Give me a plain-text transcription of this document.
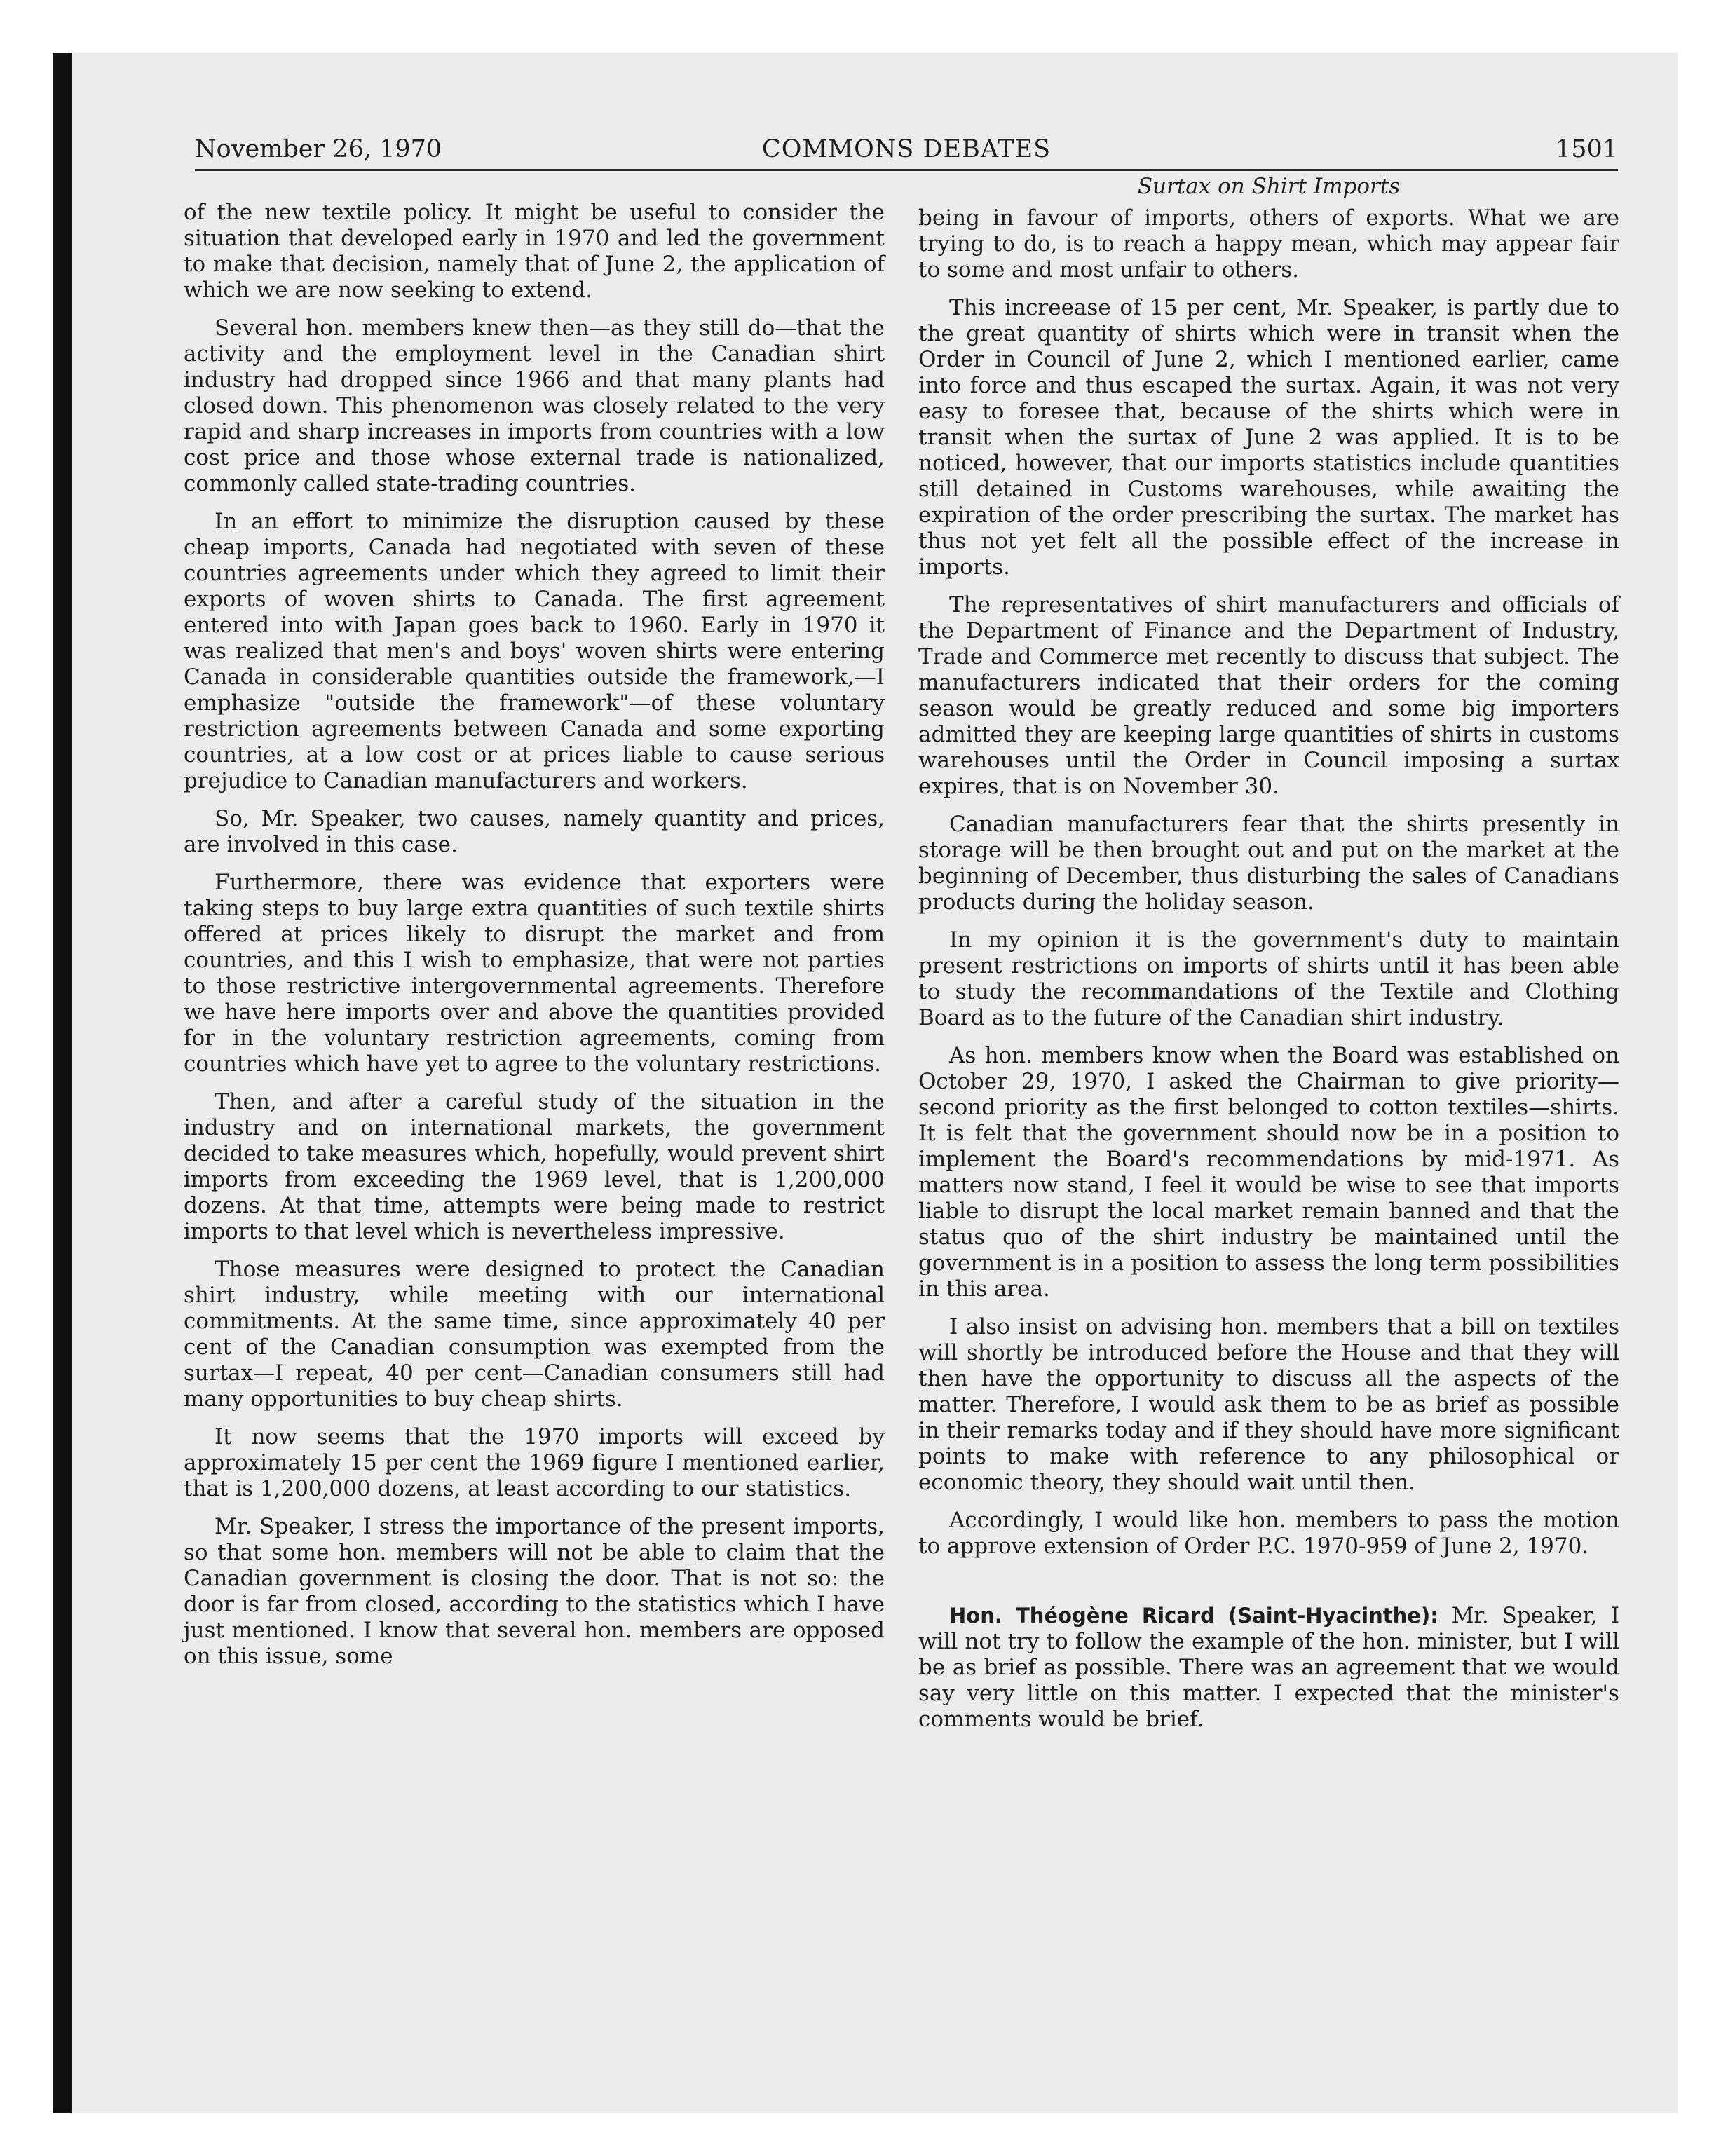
COMMONS DEBATES
November 26, 1970	1501

of the new textile policy. It might be useful to consider the situation that developed early in 1970 and led the government to make that decision, namely that of June 2, the application of which we are now seeking to extend.

Several hon. members knew then—as they still do—that the activity and the employment level in the Canadian shirt industry had dropped since 1966 and that many plants had closed down. This phenomenon was closely related to the very rapid and sharp increases in imports from countries with a low cost price and those whose external trade is nationalized, commonly called state-trading countries.

In an effort to minimize the disruption caused by these cheap imports, Canada had negotiated with seven of these countries agreements under which they agreed to limit their exports of woven shirts to Canada. The first agreement entered into with Japan goes back to 1960. Early in 1970 it was realized that men's and boys' woven shirts were entering Canada in considerable quantities outside the framework,—I emphasize "outside the framework"—of these voluntary restriction agreements between Canada and some exporting countries, at a low cost or at prices liable to cause serious prejudice to Canadian manufacturers and workers.

So, Mr. Speaker, two causes, namely quantity and prices, are involved in this case.

Furthermore, there was evidence that exporters were taking steps to buy large extra quantities of such textile shirts offered at prices likely to disrupt the market and from countries, and this I wish to emphasize, that were not parties to those restrictive intergovernmental agreements. Therefore we have here imports over and above the quantities provided for in the voluntary restriction agreements, coming from countries which have yet to agree to the voluntary restrictions.

Then, and after a careful study of the situation in the industry and on international markets, the government decided to take measures which, hopefully, would prevent shirt imports from exceeding the 1969 level, that is 1,200,000 dozens. At that time, attempts were being made to restrict imports to that level which is nevertheless impressive.

Those measures were designed to protect the Canadian shirt industry, while meeting with our international commitments. At the same time, since approximately 40 per cent of the Canadian consumption was exempted from the surtax—I repeat, 40 per cent—Canadian consumers still had many opportunities to buy cheap shirts.

It now seems that the 1970 imports will exceed by approximately 15 per cent the 1969 figure I mentioned earlier, that is 1,200,000 dozens, at least according to our statistics.

Mr. Speaker, I stress the importance of the present imports, so that some hon. members will not be able to claim that the Canadian government is closing the door. That is not so: the door is far from closed, according to the statistics which I have just mentioned. I know that several hon. members are opposed on this issue, some

Surtax on Shirt Imports

being in favour of imports, others of exports. What we are trying to do, is to reach a happy mean, which may appear fair to some and most unfair to others.

This increease of 15 per cent, Mr. Speaker, is partly due to the great quantity of shirts which were in transit when the Order in Council of June 2, which I mentioned earlier, came into force and thus escaped the surtax. Again, it was not very easy to foresee that, because of the shirts which were in transit when the surtax of June 2 was applied. It is to be noticed, however, that our imports statistics include quantities still detained in Customs warehouses, while awaiting the expiration of the order prescribing the surtax. The market has thus not yet felt all the possible effect of the increase in imports.

The representatives of shirt manufacturers and officials of the Department of Finance and the Department of Industry, Trade and Commerce met recently to discuss that subject. The manufacturers indicated that their orders for the coming season would be greatly reduced and some big importers admitted they are keeping large quantities of shirts in customs warehouses until the Order in Council imposing a surtax expires, that is on November 30.

Canadian manufacturers fear that the shirts presently in storage will be then brought out and put on the market at the beginning of December, thus disturbing the sales of Canadians products during the holiday season.

In my opinion it is the government's duty to maintain present restrictions on imports of shirts until it has been able to study the recommandations of the Textile and Clothing Board as to the future of the Canadian shirt industry.

As hon. members know when the Board was established on October 29, 1970, I asked the Chairman to give priority—second priority as the first belonged to cotton textiles—shirts. It is felt that the government should now be in a position to implement the Board's recommendations by mid-1971. As matters now stand, I feel it would be wise to see that imports liable to disrupt the local market remain banned and that the status quo of the shirt industry be maintained until the government is in a position to assess the long term possibilities in this area.

I also insist on advising hon. members that a bill on textiles will shortly be introduced before the House and that they will then have the opportunity to discuss all the aspects of the matter. Therefore, I would ask them to be as brief as possible in their remarks today and if they should have more significant points to make with reference to any philosophical or economic theory, they should wait until then.

Accordingly, I would like hon. members to pass the motion to approve extension of Order P.C. 1970-959 of June 2, 1970.

Hon. Théogène Ricard (Saint-Hyacinthe): Mr. Speaker, I will not try to follow the example of the hon. minister, but I will be as brief as possible. There was an agreement that we would say very little on this matter. I expected that the minister's comments would be brief.
